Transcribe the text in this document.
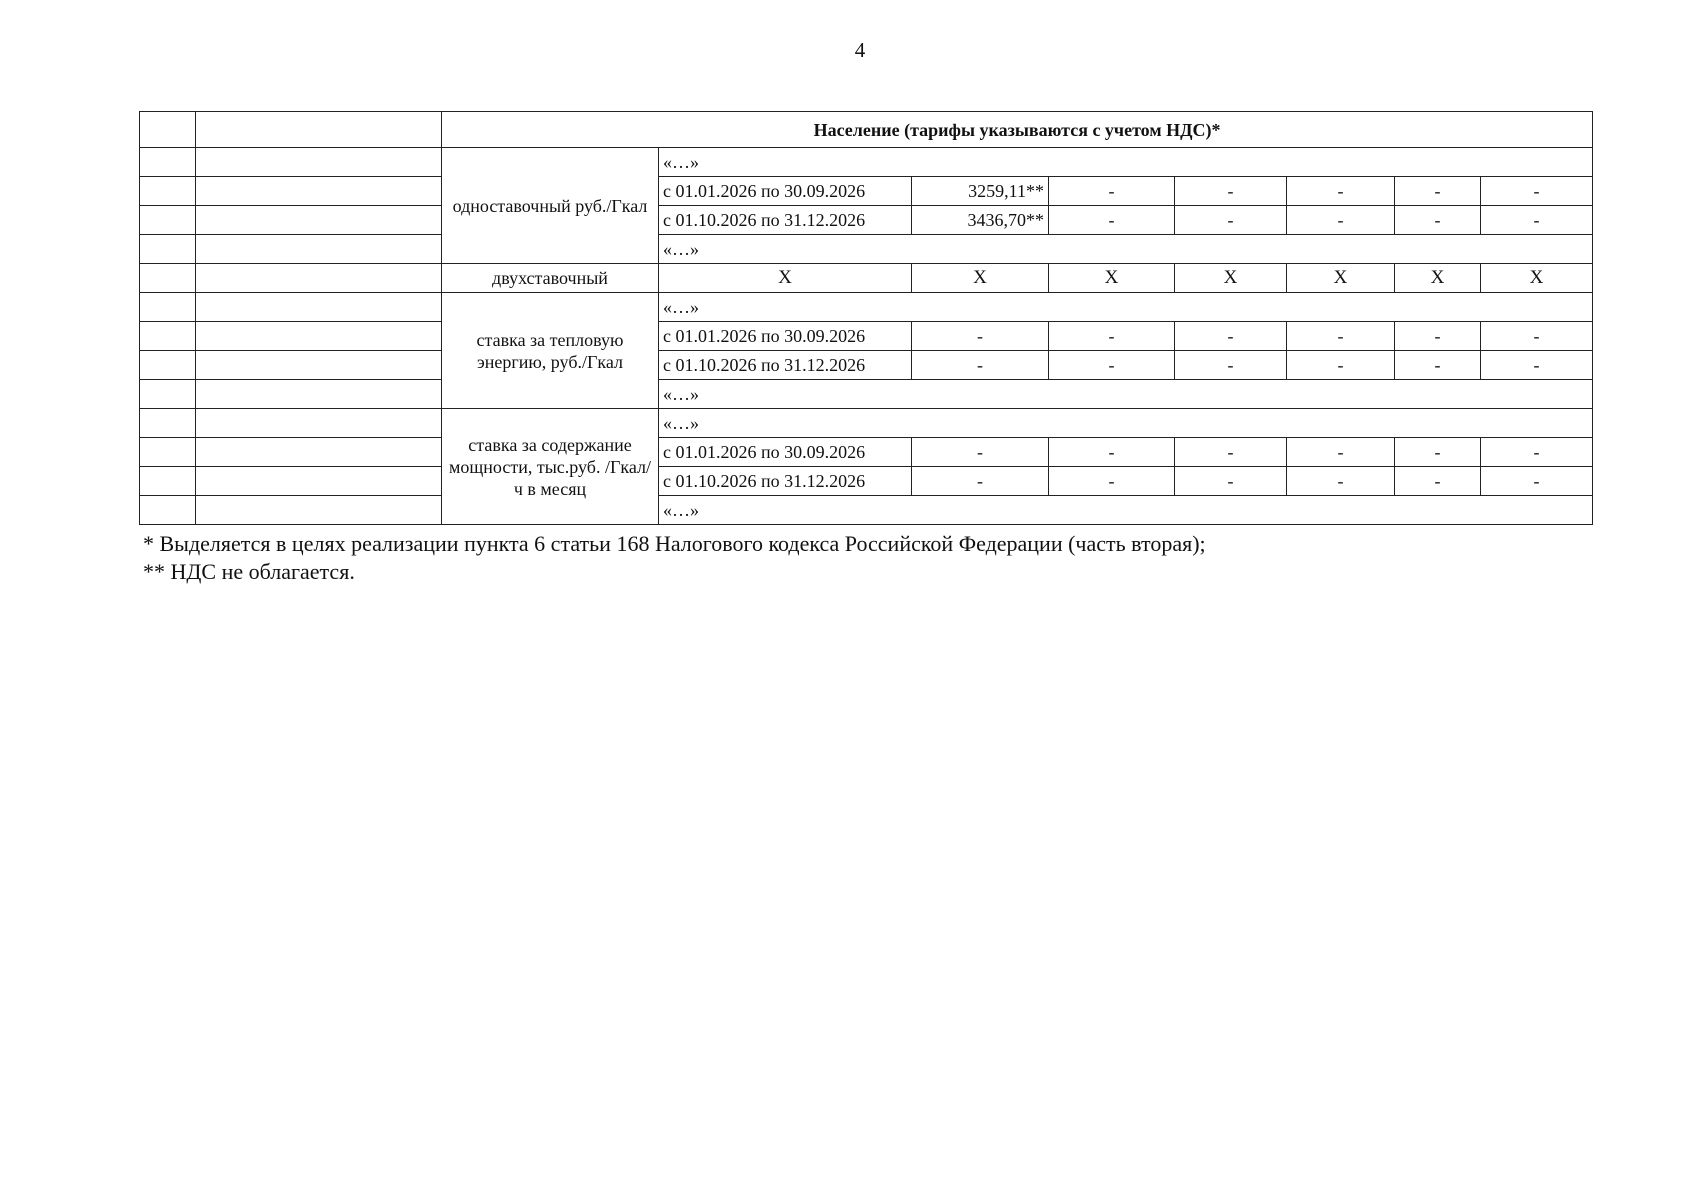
4
		Население (тарифы указываются с учетом НДС)*							
		одноставочный руб./Гкал	«…»						
			с 01.01.2026 по 30.09.2026	3259,11**	-	-	-	-	-
			с 01.10.2026 по 31.12.2026	3436,70**	-	-	-	-	-
			«…»						
		двухставочный	Х	Х	Х	Х	Х	Х	Х
		ставка за тепловую энергию, руб./Гкал	«…»						
			с 01.01.2026 по 30.09.2026	-	-	-	-	-	-
			с 01.10.2026 по 31.12.2026	-	-	-	-	-	-
			«…»						
		ставка за содержание мощности, тыс.руб. /Гкал/ч в месяц	«…»						
			с 01.01.2026 по 30.09.2026	-	-	-	-	-	-
			с 01.10.2026 по 31.12.2026	-	-	-	-	-	-
			«…»						
* Выделяется в целях реализации пункта 6 статьи 168 Налогового кодекса Российской Федерации (часть вторая);
** НДС не облагается.
